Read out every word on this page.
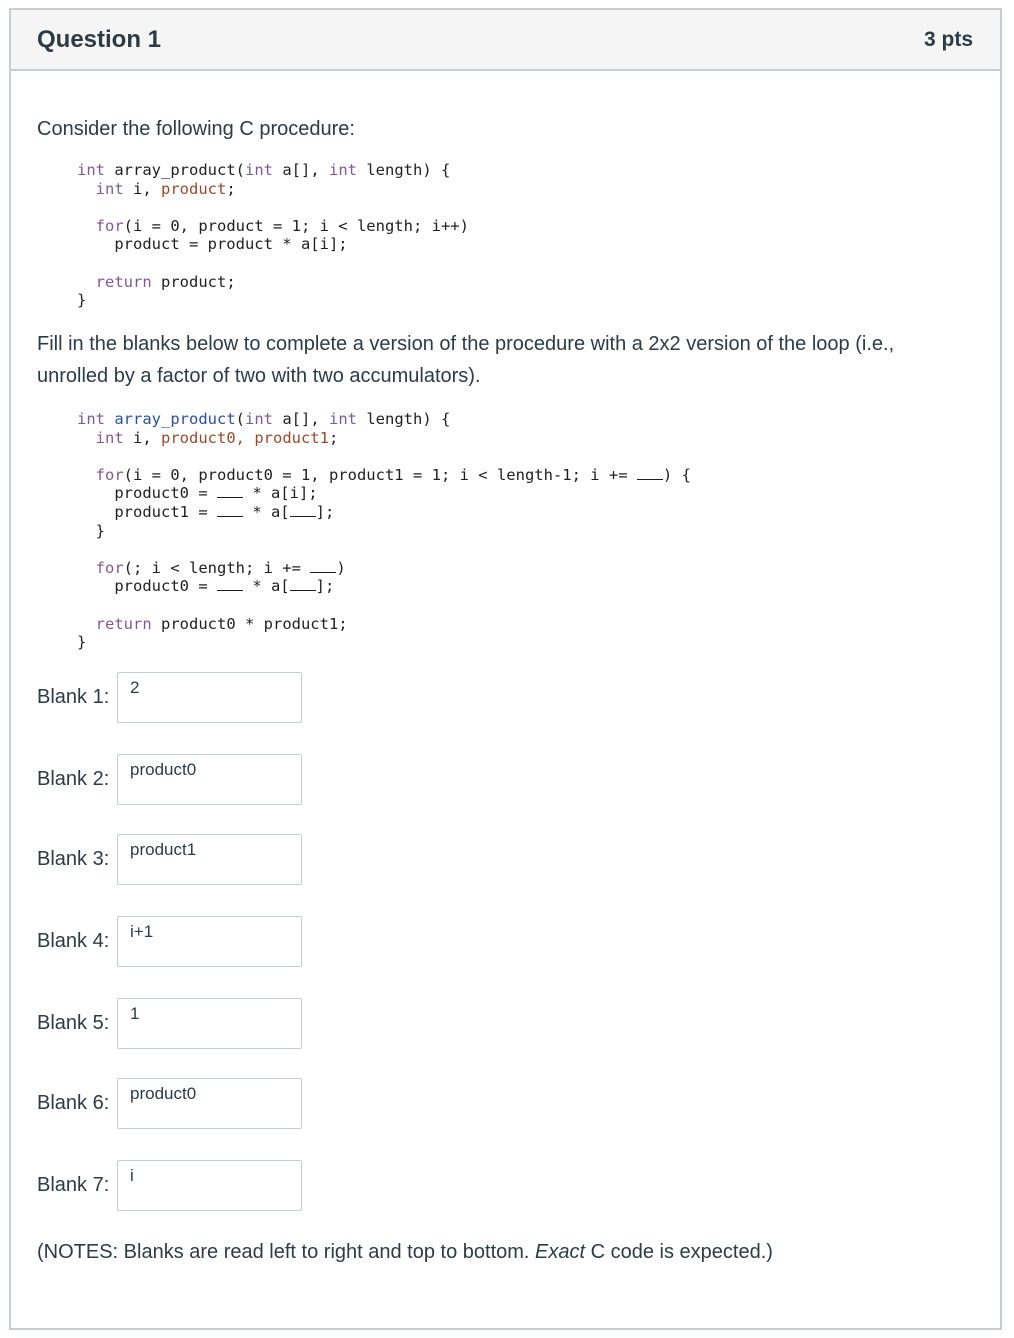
Question 1	3 pts
Consider the following C procedure:
int array_product(int a[], int length) {
int i, product;

for(i = 0, product = 1; i < length; i++)
product = product * a[i];

return product;
}
Fill in the blanks below to complete a version of the procedure with a 2x2 version of the loop (i.e., unrolled by a factor of two with two accumulators).
int array_product(int a[], int length) {
int i, product0, product1;

for(i = 0, product0 = 1, product1 = 1; i < length-1; i += ) {
product0 =  * a[i];
product1 =  * a[ ];
}

for(; i < length; i += )
product0 =  * a[ ];

return product0 * product1;
}
Blank 1:
2
Blank 2:
product0
Blank 3:
product1
Blank 4:
i+1
Blank 5:
1
Blank 6:
product0
Blank 7:
i
(NOTES: Blanks are read left to right and top to bottom. Exact C code is expected.)
